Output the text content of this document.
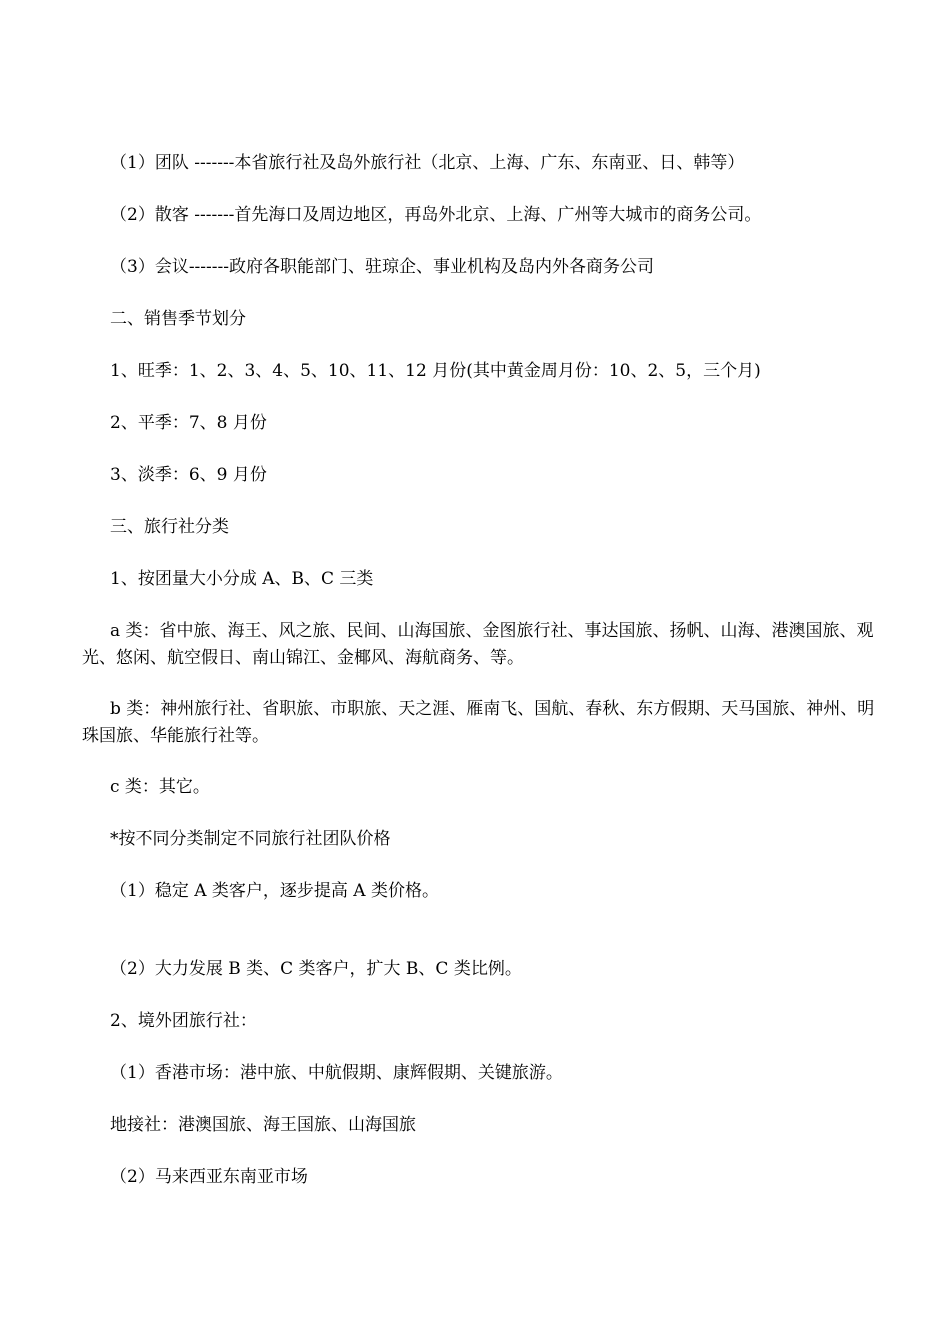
（1）团队 -------本省旅行社及岛外旅行社（北京、上海、广东、东南亚、日、韩等）

（2）散客 -------首先海口及周边地区，再岛外北京、上海、广州等大城市的商务公司。

（3）会议-------政府各职能部门、驻琼企、事业机构及岛内外各商务公司

二、销售季节划分

1、旺季：1、2、3、4、5、10、11、12 月份(其中黄金周月份：10、2、5，三个月)

2、平季：7、8 月份

3、淡季：6、9 月份

三、旅行社分类

1、按团量大小分成 A、B、C 三类

a 类：省中旅、海王、风之旅、民间、山海国旅、金图旅行社、事达国旅、扬帆、山海、港澳国旅、观光、悠闲、航空假日、南山锦江、金椰风、海航商务、等。

b 类：神州旅行社、省职旅、市职旅、天之涯、雁南飞、国航、春秋、东方假期、天马国旅、神州、明珠国旅、华能旅行社等。

c 类：其它。

*按不同分类制定不同旅行社团队价格

（1）稳定 A 类客户，逐步提高 A 类价格。

（2）大力发展 B 类、C 类客户，扩大 B、C 类比例。

2、境外团旅行社：

（1）香港市场：港中旅、中航假期、康辉假期、关键旅游。

地接社：港澳国旅、海王国旅、山海国旅

（2）马来西亚东南亚市场
